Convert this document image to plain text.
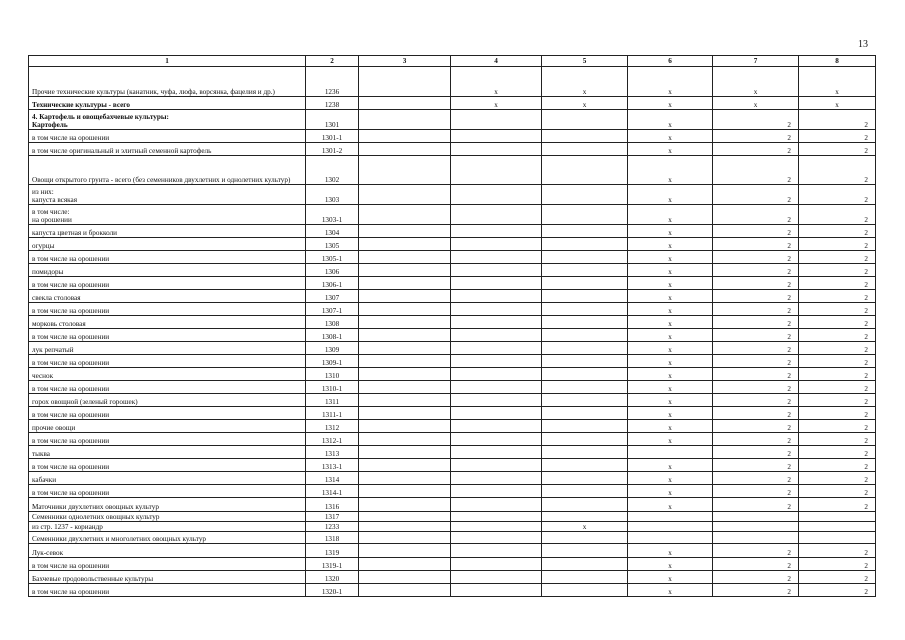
13
1	2	3	4	5	6	7	8
Прочие технические культуры (канатник, чуфа, люфа, ворсянка, фацелия и др.)	1236		x	x	x	x	x
Технические культуры - всего	1238		x	x	x	x	x
4. Картофель и овощебахчевые культуры:
Картофель	1301				x	2	2
в том числе на орошении	1301-1				x	2	2
в том числе оригинальный и элитный семенной картофель	1301-2				x	2	2
Овощи открытого грунта - всего (без семенников двухлетних и однолетних культур)	1302				x	2	2
из них:
капуста всякая	1303				x	2	2
в том числе:
на орошении	1303-1				x	2	2
капуста цветная и брокколи	1304				x	2	2
огурцы	1305				x	2	2
в том числе на орошении	1305-1				x	2	2
помидоры	1306				x	2	2
в том числе на орошении	1306-1				x	2	2
свекла столовая	1307				x	2	2
в том числе на орошении	1307-1				x	2	2
морковь столовая	1308				x	2	2
в том числе на орошении	1308-1				x	2	2
лук репчатый	1309				x	2	2
в том числе на орошении	1309-1				x	2	2
чеснок	1310				x	2	2
в том числе на орошении	1310-1				x	2	2
горох овощной (зеленый горошек)	1311				x	2	2
в том числе на орошении	1311-1				x	2	2
прочие овощи	1312				x	2	2
в том числе на орошении	1312-1				x	2	2
тыква	1313					2	2
в том числе на орошении	1313-1				x	2	2
кабачки	1314				x	2	2
в том числе на орошении	1314-1				x	2	2
Маточники двухлетних овощных культур	1316				x	2	2
Семенники однолетних овощных культур	1317						
из стр. 1237 - кориандр	1233			x			
Семенники двухлетних и многолетних овощных культур	1318						
Лук-севок	1319				x	2	2
в том числе на орошении	1319-1				x	2	2
Бахчевые продовольственные культуры	1320				x	2	2
в том числе на орошении	1320-1				x	2	2
